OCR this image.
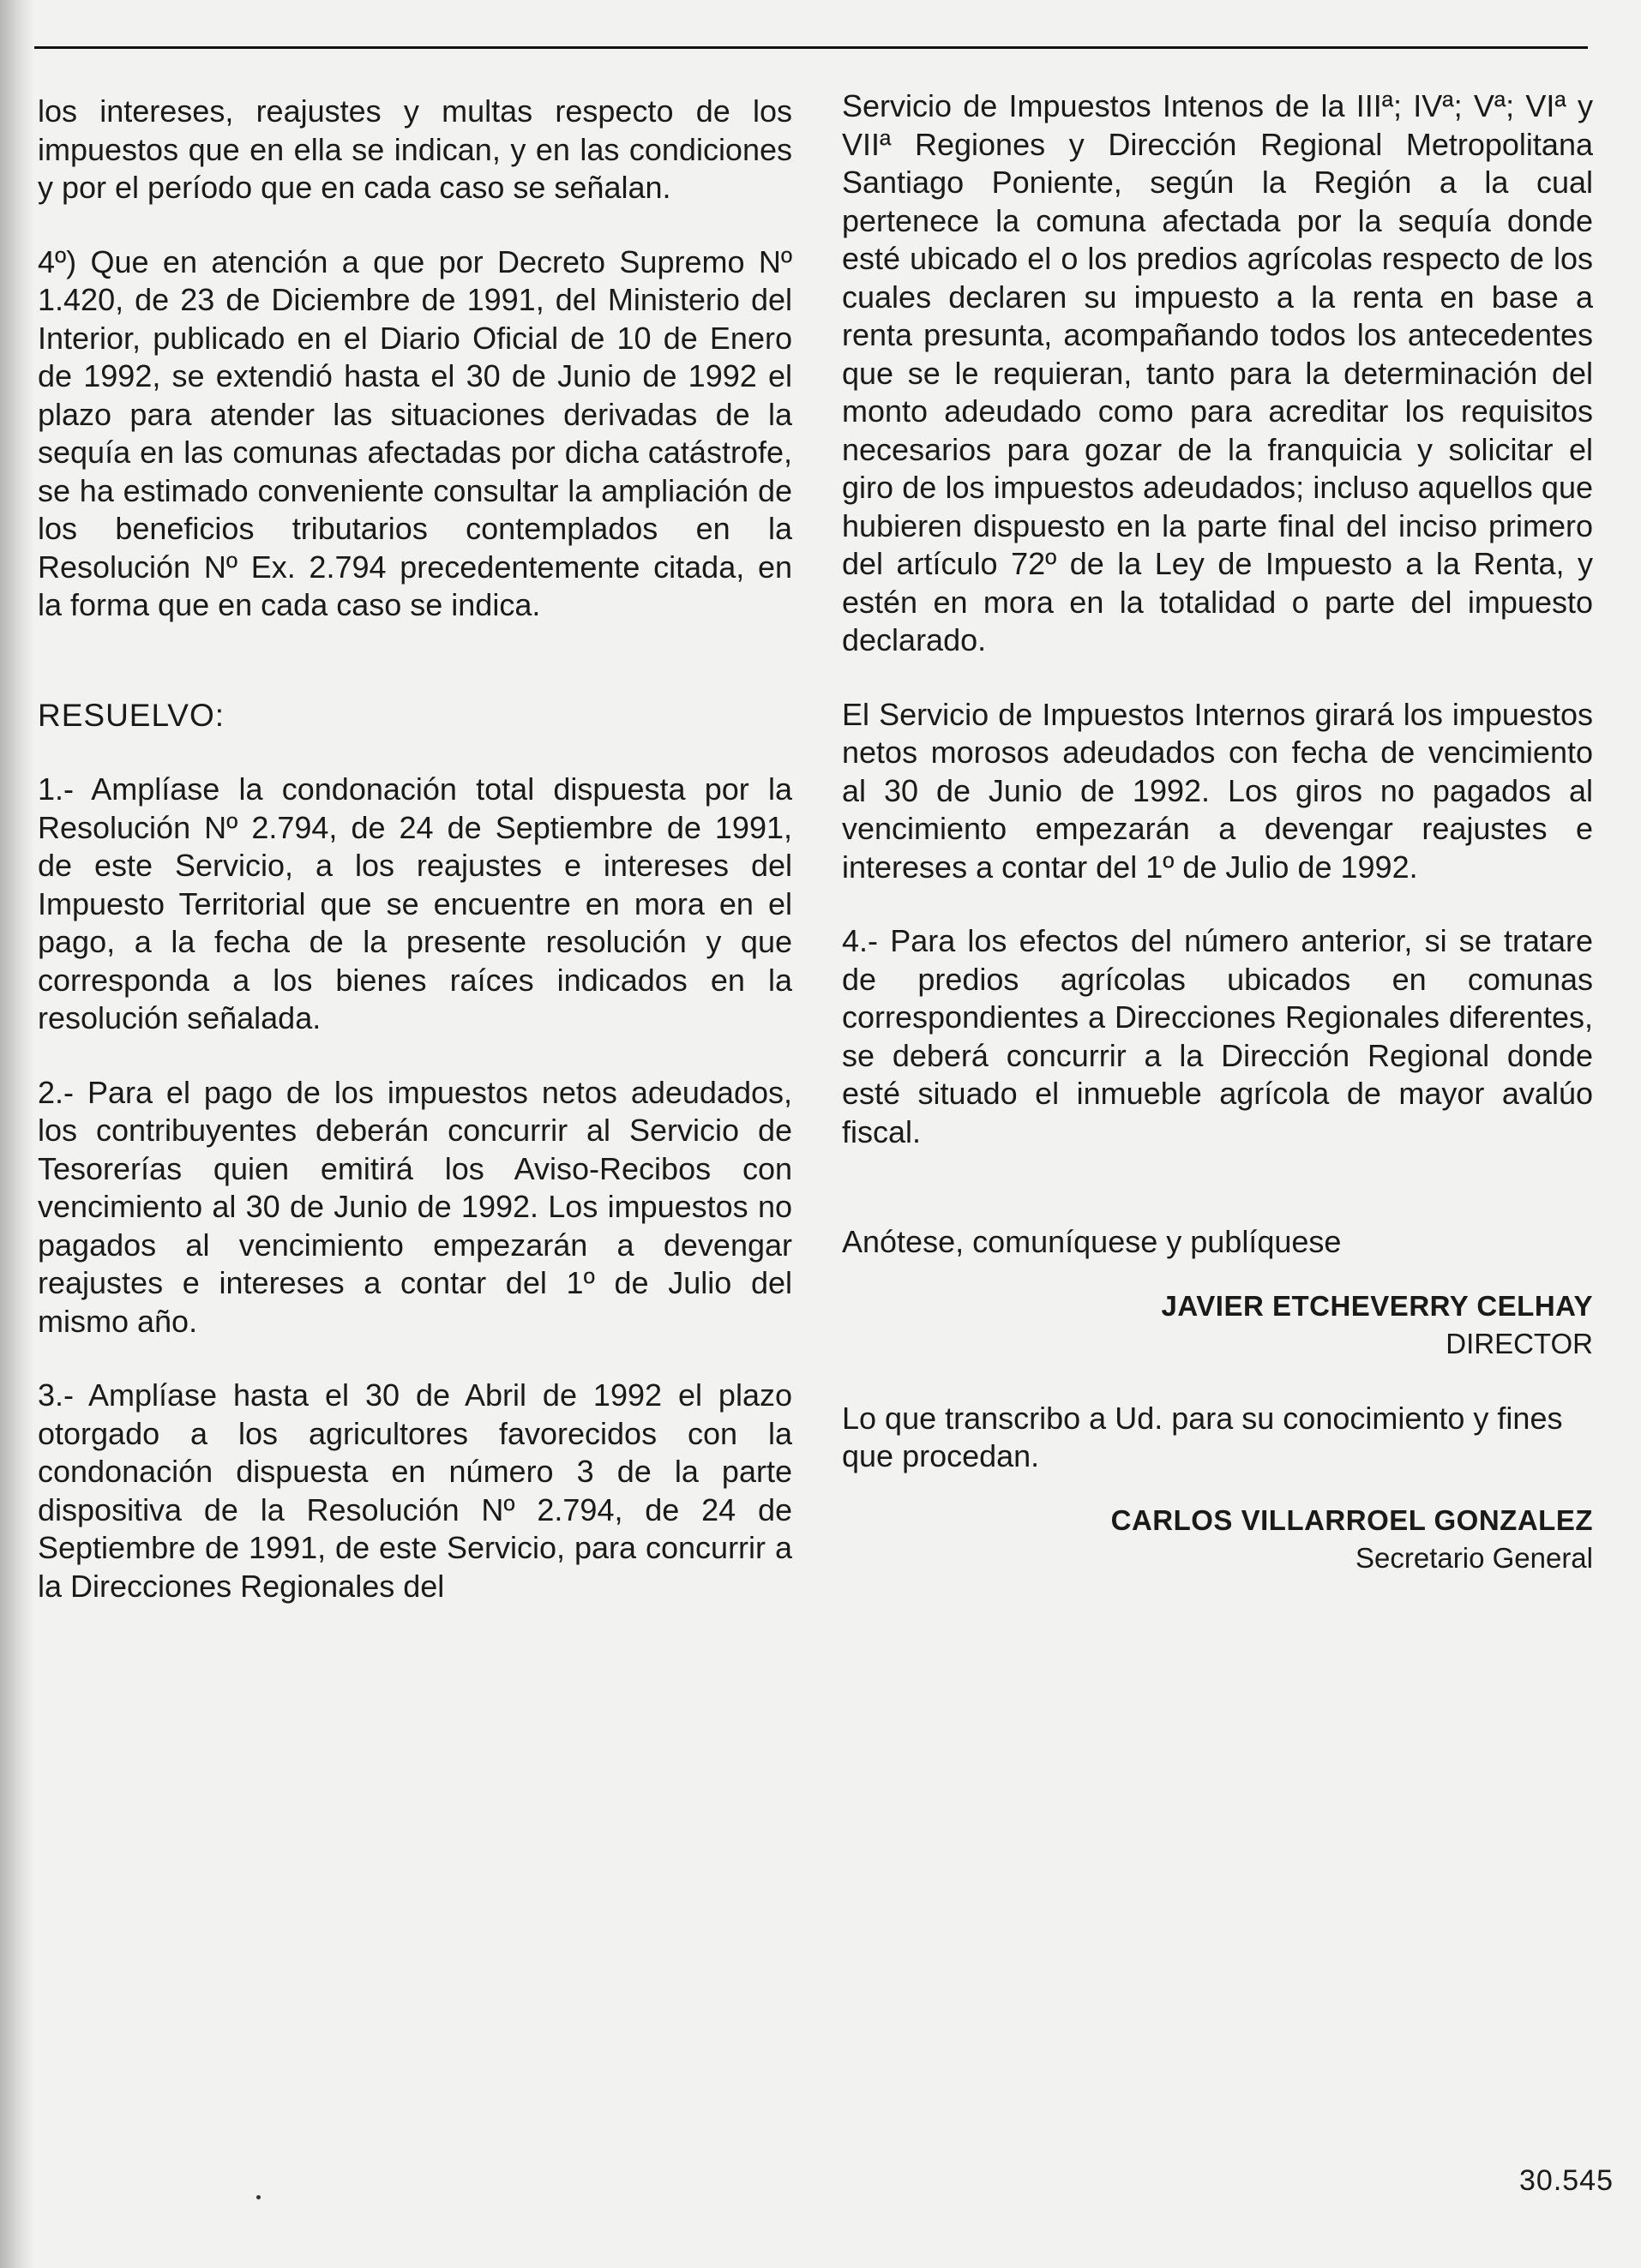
los intereses, reajustes y multas respecto de los impuestos que en ella se indican, y en las condiciones y por el período que en cada caso se señalan.

4º) Que en atención a que por Decreto Supremo Nº 1.420, de 23 de Diciembre de 1991, del Ministerio del Interior, publicado en el Diario Oficial de 10 de Enero de 1992, se extendió hasta el 30 de Junio de 1992 el plazo para atender las situaciones derivadas de la sequía en las comunas afectadas por dicha catástrofe, se ha estimado conveniente consultar la ampliación de los beneficios tributarios contemplados en la Resolución Nº Ex. 2.794 precedentemente citada, en la forma que en cada caso se indica.

RESUELVO:

1.- Amplíase la condonación total dispuesta por la Resolución Nº 2.794, de 24 de Septiembre de 1991, de este Servicio, a los reajustes e intereses del Impuesto Territorial que se encuentre en mora en el pago, a la fecha de la presente resolución y que corresponda a los bienes raíces indicados en la resolución señalada.

2.- Para el pago de los impuestos netos adeudados, los contribuyentes deberán concurrir al Servicio de Tesorerías quien emitirá los Aviso-Recibos con vencimiento al 30 de Junio de 1992. Los impuestos no pagados al vencimiento empezarán a devengar reajustes e intereses a contar del 1º de Julio del mismo año.

3.- Amplíase hasta el 30 de Abril de 1992 el plazo otorgado a los agricultores favorecidos con la condonación dispuesta en número 3 de la parte dispositiva de la Resolución Nº 2.794, de 24 de Septiembre de 1991, de este Servicio, para concurrir a la Direcciones Regionales del

Servicio de Impuestos Intenos de la IIIª; IVª; Vª; VIª y VIIª Regiones y Dirección Regional Metropolitana Santiago Poniente, según la Región a la cual pertenece la comuna afectada por la sequía donde esté ubicado el o los predios agrícolas respecto de los cuales declaren su impuesto a la renta en base a renta presunta, acompañando todos los antecedentes que se le requieran, tanto para la determinación del monto adeudado como para acreditar los requisitos necesarios para gozar de la franquicia y solicitar el giro de los impuestos adeudados; incluso aquellos que hubieren dispuesto en la parte final del inciso primero del artículo 72º de la Ley de Impuesto a la Renta, y estén en mora en la totalidad o parte del impuesto declarado.

El Servicio de Impuestos Internos girará los impuestos netos morosos adeudados con fecha de vencimiento al 30 de Junio de 1992. Los giros no pagados al vencimiento empezarán a devengar reajustes e intereses a contar del 1º de Julio de 1992.

4.- Para los efectos del número anterior, si se tratare de predios agrícolas ubicados en comunas correspondientes a Direcciones Regionales diferentes, se deberá concurrir a la Dirección Regional donde esté situado el inmueble agrícola de mayor avalúo fiscal.

Anótese, comuníquese y publíquese

JAVIER ETCHEVERRY CELHAY
DIRECTOR

Lo que transcribo a Ud. para su conocimiento y fines que procedan.

CARLOS VILLARROEL GONZALEZ
Secretario General
30.545
